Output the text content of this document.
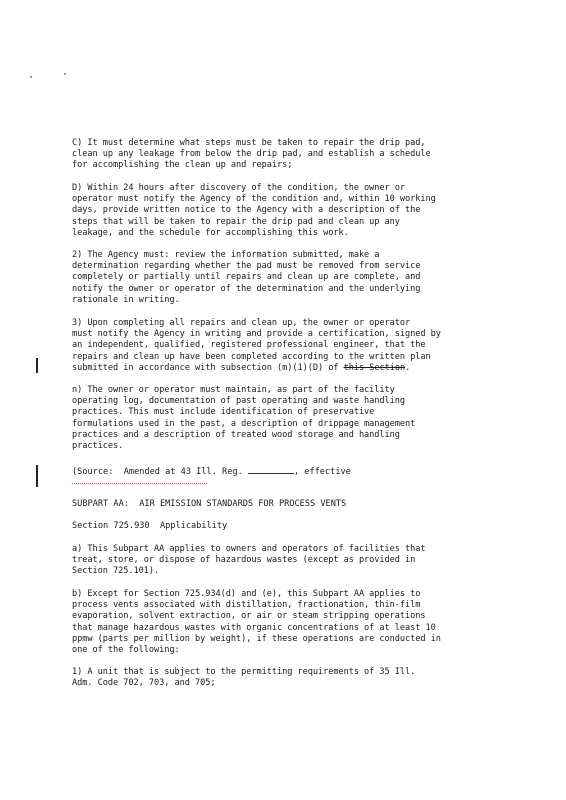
C) It must determine what steps must be taken to repair the drip pad,
clean up any leakage from below the drip pad, and establish a schedule
for accomplishing the clean up and repairs;

D) Within 24 hours after discovery of the condition, the owner or
operator must notify the Agency of the condition and, within 10 working
days, provide written notice to the Agency with a description of the
steps that will be taken to repair the drip pad and clean up any
leakage, and the schedule for accomplishing this work.

2) The Agency must: review the information submitted, make a
determination regarding whether the pad must be removed from service
completely or partially until repairs and clean up are complete, and
notify the owner or operator of the determination and the underlying
rationale in writing.

3) Upon completing all repairs and clean up, the owner or operator
must notify the Agency in writing and provide a certification, signed by
an independent, qualified, registered professional engineer, that the
repairs and clean up have been completed according to the written plan
submitted in accordance with subsection (m)(1)(D) of this Section.

n) The owner or operator must maintain, as part of the facility
operating log, documentation of past operating and waste handling
practices. This must include identification of preservative
formulations used in the past, a description of drippage management
practices and a description of treated wood storage and handling
practices.

(Source:  Amended at 43 Ill. Reg.	, effective

SUBPART AA:  AIR EMISSION STANDARDS FOR PROCESS VENTS

Section 725.930  Applicability

a) This Subpart AA applies to owners and operators of facilities that
treat, store, or dispose of hazardous wastes (except as provided in
Section 725.101).

b) Except for Section 725.934(d) and (e), this Subpart AA applies to
process vents associated with distillation, fractionation, thin-film
evaporation, solvent extraction, or air or steam stripping operations
that manage hazardous wastes with organic concentrations of at least 10
ppmw (parts per million by weight), if these operations are conducted in
one of the following:

1) A unit that is subject to the permitting requirements of 35 Ill.
Adm. Code 702, 703, and 705;
